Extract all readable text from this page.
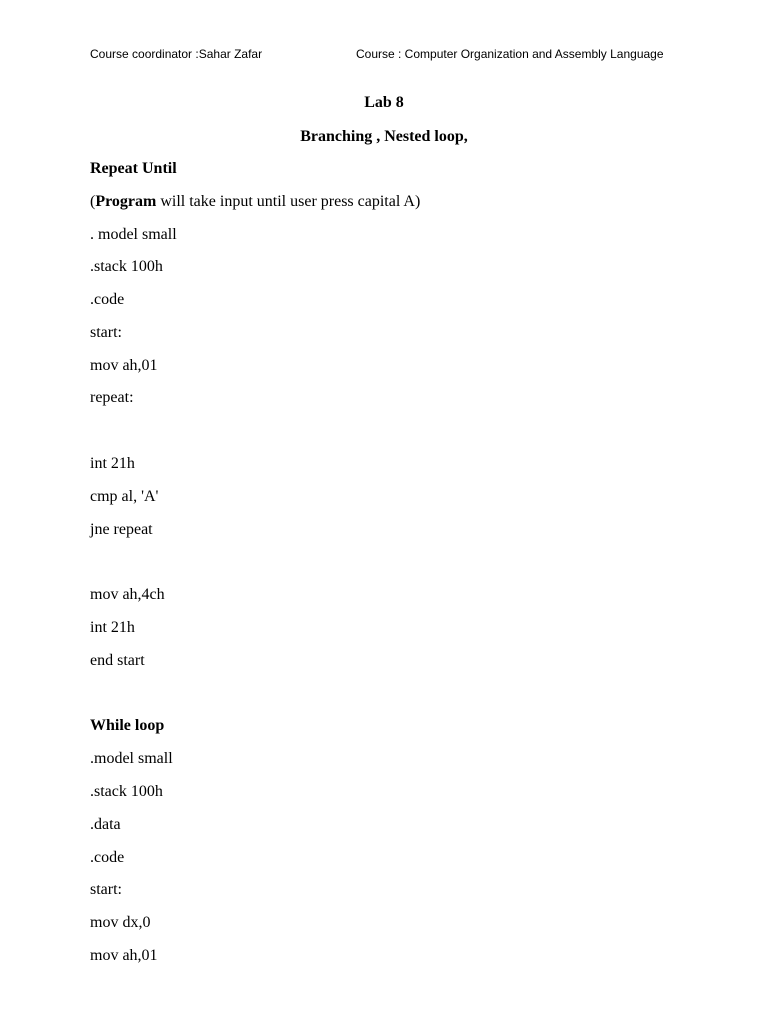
Course coordinator :Sahar Zafar	Course : Computer Organization and Assembly Language
Lab 8
Branching , Nested loop,
Repeat Until
(Program will take input until user press capital A)
. model small
.stack 100h
.code
start:
mov ah,01
repeat:
int 21h
cmp al, 'A'
jne repeat
mov ah,4ch
int 21h
end start
While loop
.model small
.stack 100h
.data
.code
start:
mov dx,0
mov ah,01
